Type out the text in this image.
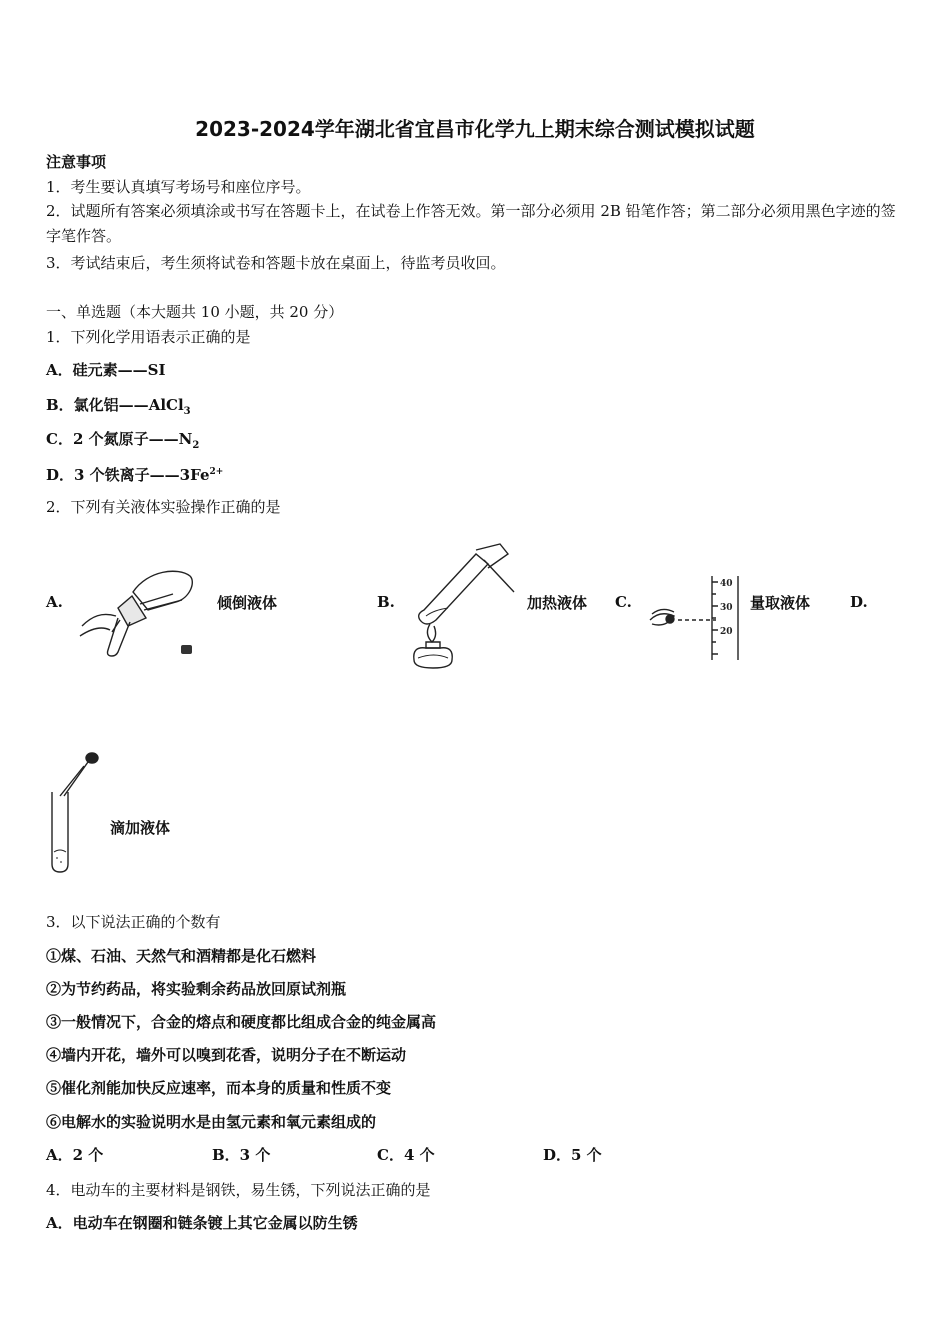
2023-2024学年湖北省宜昌市化学九上期末综合测试模拟试题
注意事项
1．考生要认真填写考场号和座位序号。
2．试题所有答案必须填涂或书写在答题卡上，在试卷上作答无效。第一部分必须用 2B 铅笔作答；第二部分必须用黑色字迹的签字笔作答。
3．考试结束后，考生须将试卷和答题卡放在桌面上，待监考员收回。
一、单选题（本大题共 10 小题，共 20 分）
1．下列化学用语表示正确的是
A．硅元素——SI
B．氯化铝——AlCl$_3$
C．2 个氮原子$——N_2$
D．3 个铁离子$——3Fe^{2+}$
2．下列有关液体实验操作正确的是
A.	倾倒液体	B.	加热液体 C.
40
30
20
量取液体	D.
滴加液体
3．以下说法正确的个数有
①煤、石油、天然气和酒精都是化石燃料
②为节约药品，将实验剩余药品放回原试剂瓶
③一般情况下，合金的熔点和硬度都比组成合金的纯金属高
④墙内开花，墙外可以嗅到花香，说明分子在不断运动
⑤催化剂能加快反应速率，而本身的质量和性质不变
⑥电解水的实验说明水是由氢元素和氧元素组成的
A．2 个	B．3 个	C．4 个	D．5 个
4．电动车的主要材料是钢铁，易生锈，下列说法正确的是
A．电动车在钢圈和链条镀上其它金属以防生锈
